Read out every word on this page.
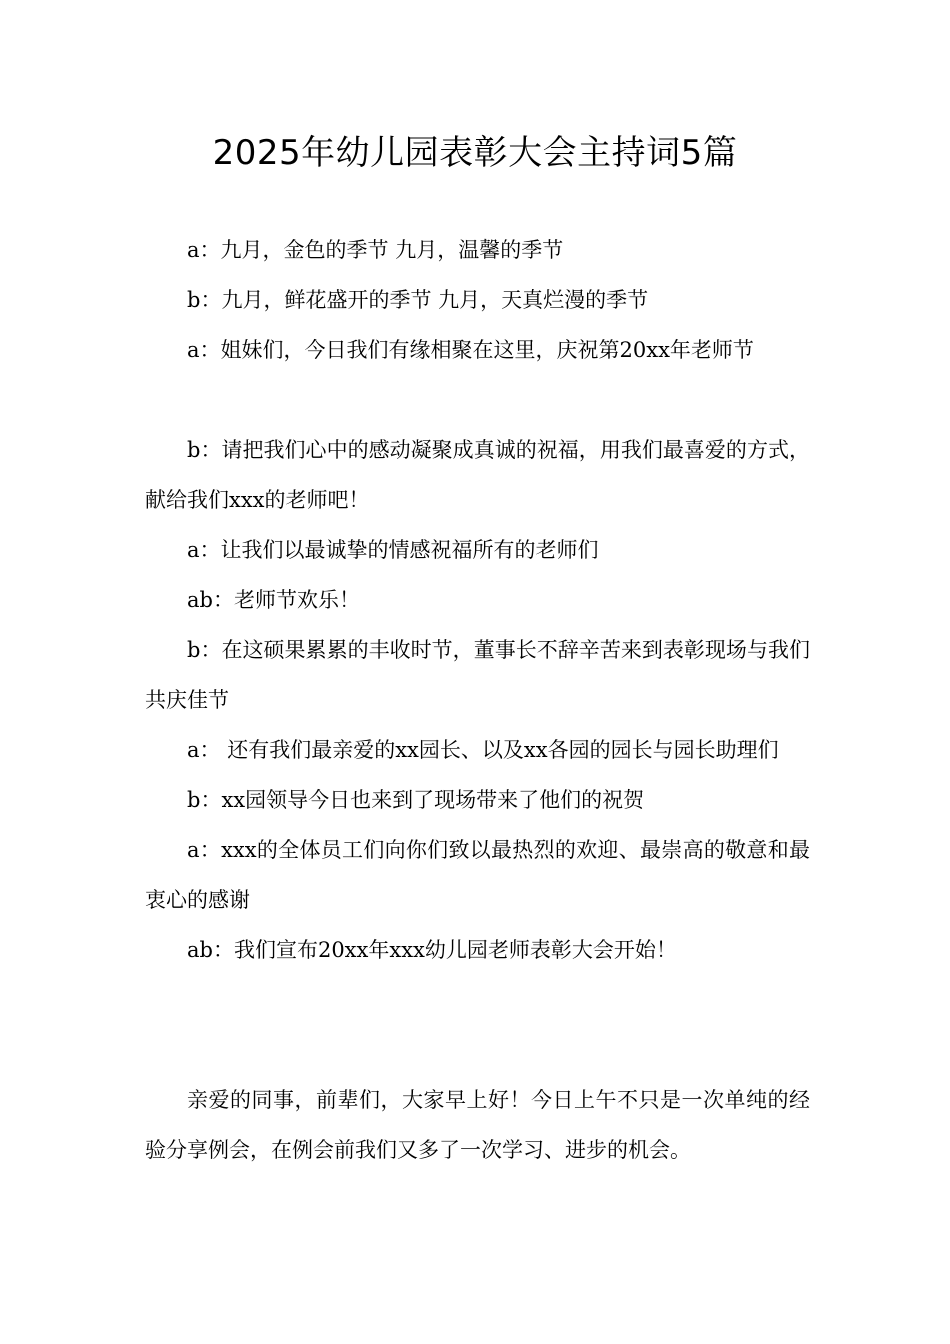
2025年幼儿园表彰大会主持词5篇

a：九月，金色的季节 九月，温馨的季节

b：九月，鲜花盛开的季节 九月，天真烂漫的季节

a：姐妹们，今日我们有缘相聚在这里，庆祝第20xx年老师节

b：请把我们心中的感动凝聚成真诚的祝福，用我们最喜爱的方式，献给我们xxx的老师吧！

a：让我们以最诚挚的情感祝福所有的老师们

ab：老师节欢乐！

b：在这硕果累累的丰收时节，董事长不辞辛苦来到表彰现场与我们共庆佳节

a： 还有我们最亲爱的xx园长、以及xx各园的园长与园长助理们

b：xx园领导今日也来到了现场带来了他们的祝贺

a：xxx的全体员工们向你们致以最热烈的欢迎、最崇高的敬意和最衷心的感谢

ab：我们宣布20xx年xxx幼儿园老师表彰大会开始！

亲爱的同事，前辈们，大家早上好！今日上午不只是一次单纯的经验分享例会，在例会前我们又多了一次学习、进步的机会。
